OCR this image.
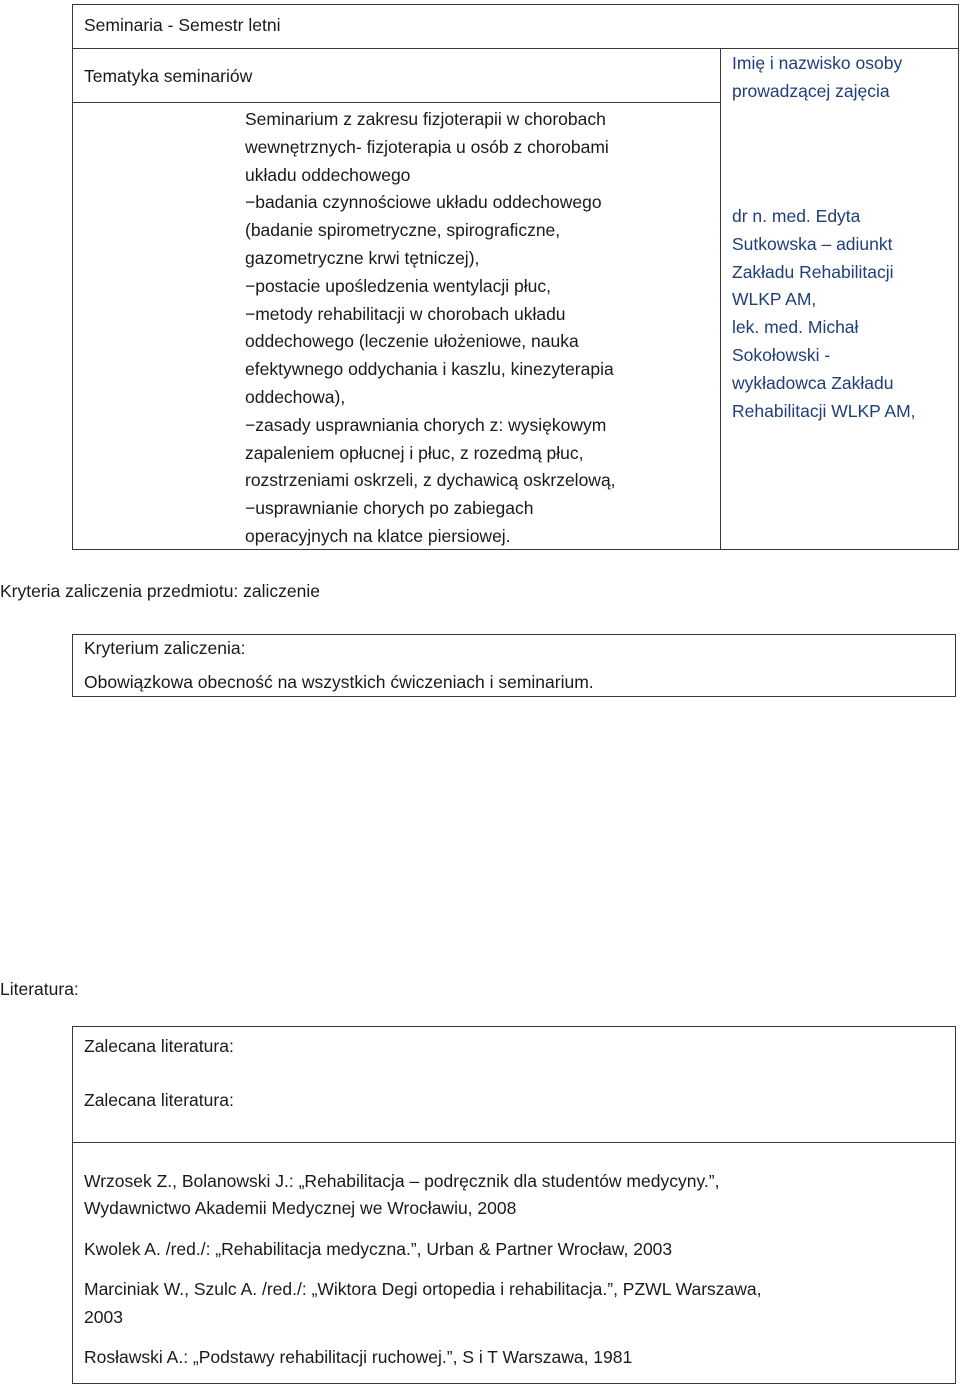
Seminaria - Semestr letni
Tematyka seminariów
Imię i nazwisko osoby
prowadzącej zajęcia
Seminarium z zakresu fizjoterapii w chorobach
wewnętrznych- fizjoterapia u osób z chorobami
układu oddechowego
−badania czynnościowe układu oddechowego
(badanie spirometryczne, spirograficzne,
gazometryczne krwi tętniczej),
−postacie upośledzenia wentylacji płuc,
−metody rehabilitacji w chorobach układu
oddechowego (leczenie ułożeniowe, nauka
efektywnego oddychania i kaszlu, kinezyterapia
oddechowa),
−zasady usprawniania chorych z: wysiękowym
zapaleniem opłucnej i płuc, z rozedmą płuc,
rozstrzeniami oskrzeli, z dychawicą oskrzelową,
−usprawnianie chorych po zabiegach
operacyjnych na klatce piersiowej.
dr n. med. Edyta
Sutkowska – adiunkt
Zakładu Rehabilitacji
WLKP AM,
lek. med. Michał
Sokołowski -
wykładowca Zakładu
Rehabilitacji WLKP AM,
Kryteria zaliczenia przedmiotu: zaliczenie
Kryterium zaliczenia:
Obowiązkowa obecność na wszystkich ćwiczeniach i seminarium.
Literatura:
Zalecana literatura:
Zalecana literatura:
Wrzosek Z., Bolanowski J.: „Rehabilitacja – podręcznik dla studentów medycyny.”,
Wydawnictwo Akademii Medycznej we Wrocławiu, 2008
Kwolek A. /red./: „Rehabilitacja medyczna.”, Urban & Partner Wrocław, 2003
Marciniak W., Szulc A. /red./: „Wiktora Degi ortopedia i rehabilitacja.”, PZWL Warszawa,
2003
Rosławski A.: „Podstawy rehabilitacji ruchowej.”, S i T Warszawa, 1981
